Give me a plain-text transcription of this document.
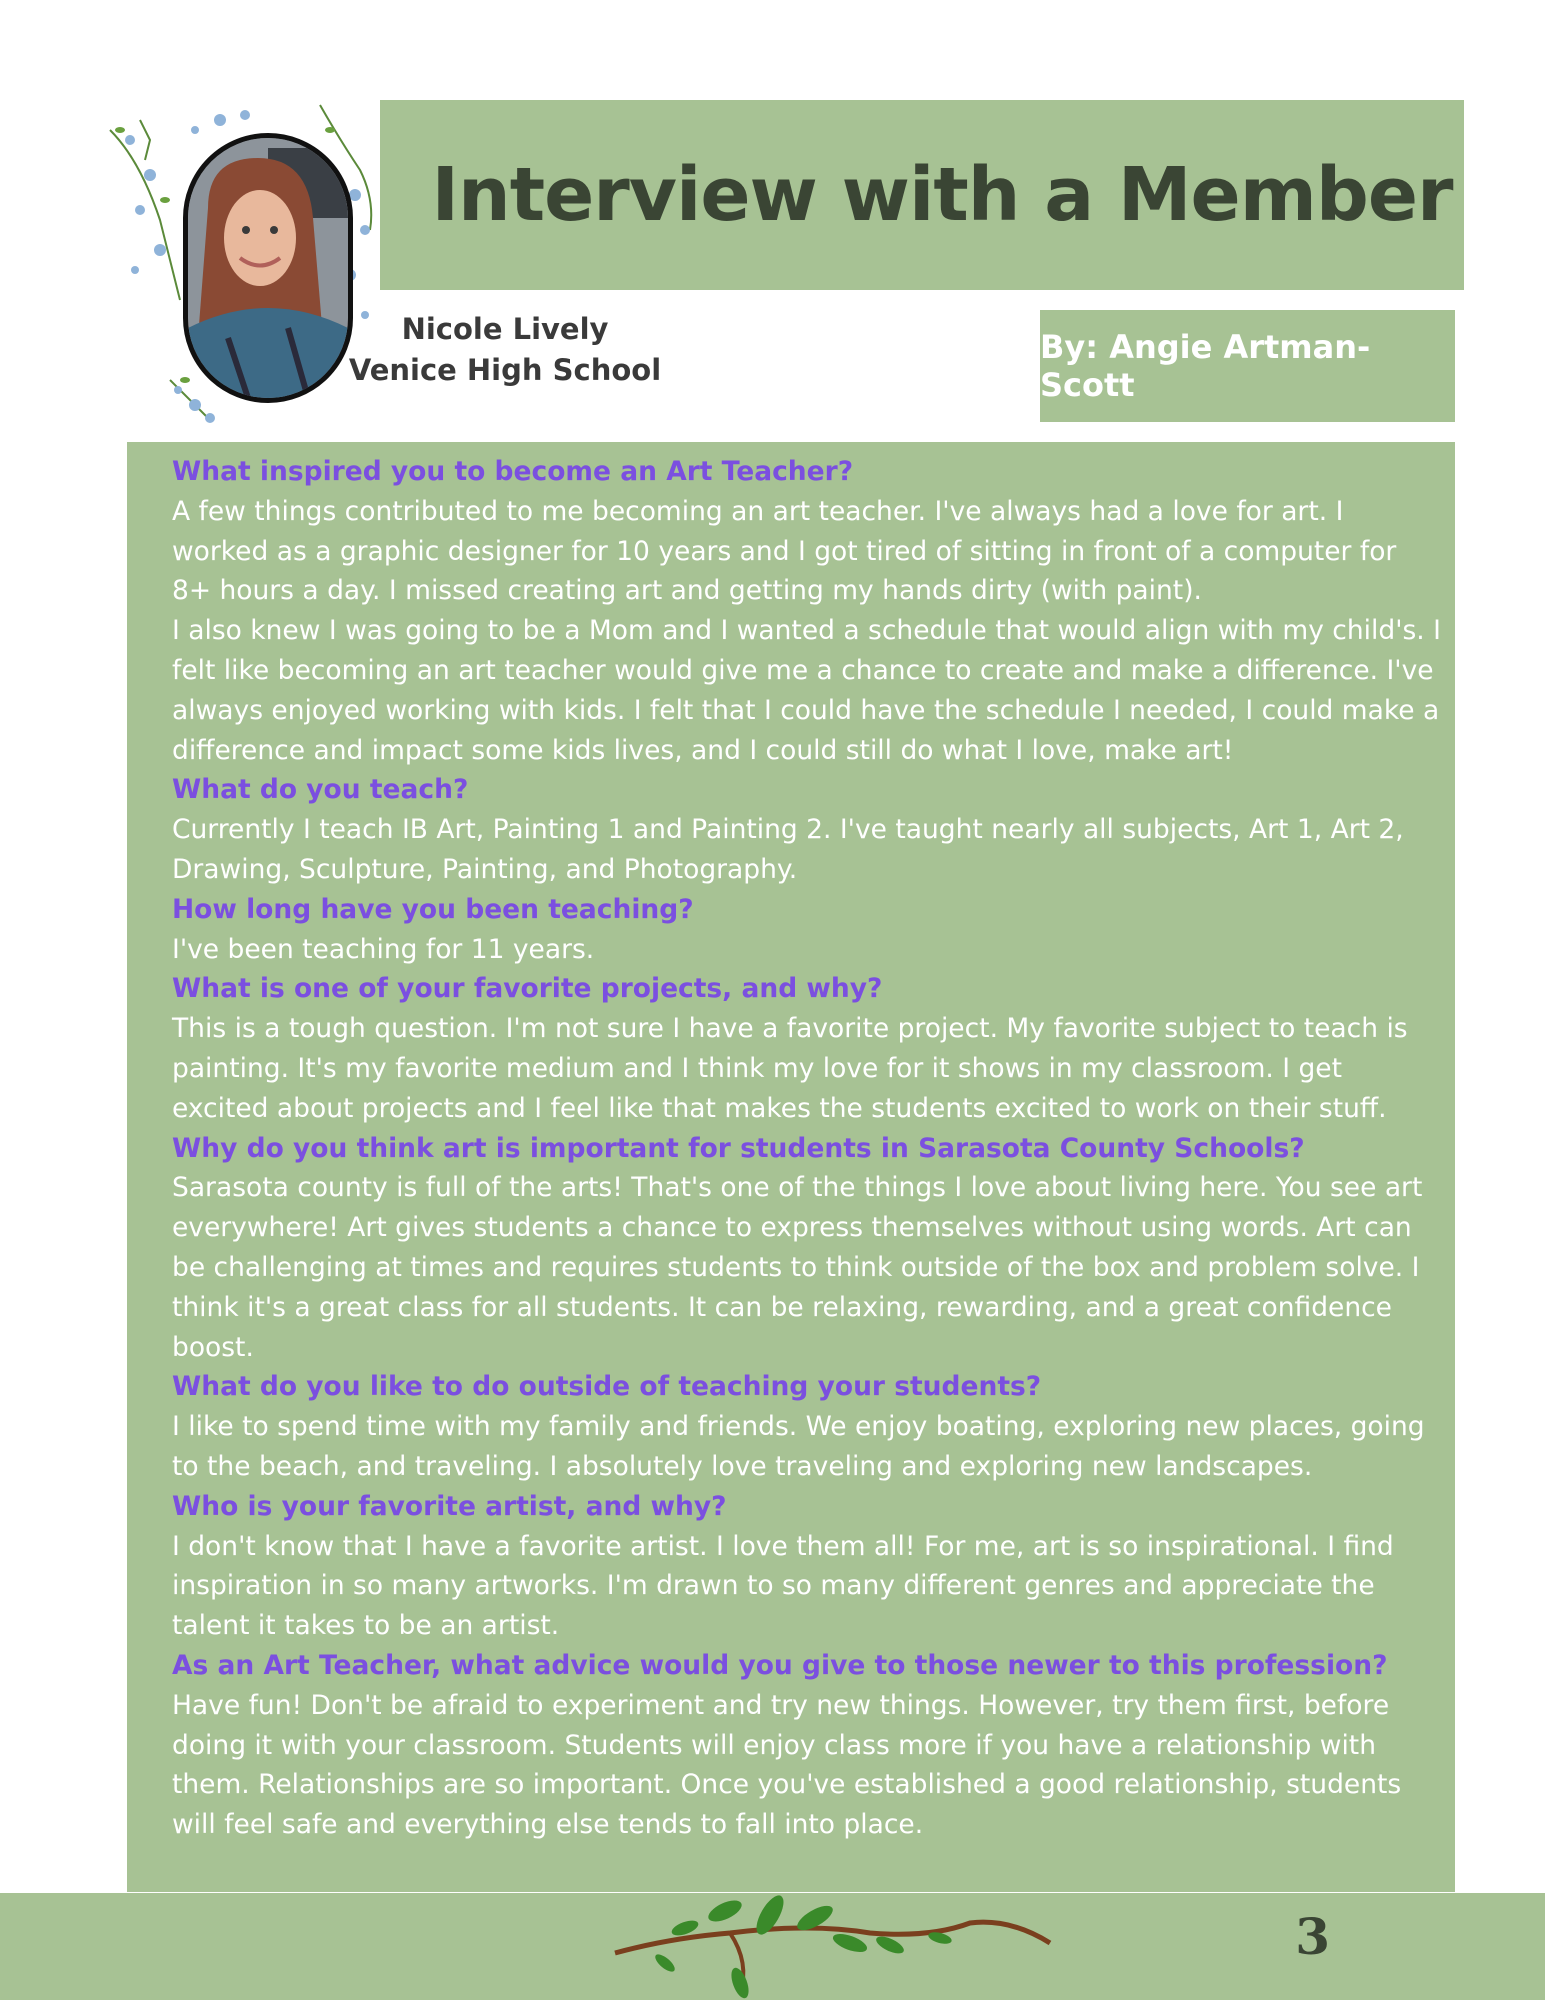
Interview with a Member
Nicole Lively
Venice High School
By: Angie Artman-Scott
What inspired you to become an Art Teacher?
A few things contributed to me becoming an art teacher. I've always had a love for art. I worked as a graphic designer for 10 years and I got tired of sitting in front of a computer for 8+ hours a day. I missed creating art and getting my hands dirty (with paint).
I also knew I was going to be a Mom and I wanted a schedule that would align with my child's. I felt like becoming an art teacher would give me a chance to create and make a difference. I've always enjoyed working with kids. I felt that I could have the schedule I needed, I could make a difference and impact some kids lives, and I could still do what I love, make art!
What do you teach?
Currently I teach IB Art, Painting 1 and Painting 2. I've taught nearly all subjects, Art 1, Art 2, Drawing, Sculpture, Painting, and Photography.
How long have you been teaching?
I've been teaching for 11 years.
What is one of your favorite projects, and why?
This is a tough question. I'm not sure I have a favorite project. My favorite subject to teach is painting. It's my favorite medium and I think my love for it shows in my classroom. I get excited about projects and I feel like that makes the students excited to work on their stuff.
Why do you think art is important for students in Sarasota County Schools?
Sarasota county is full of the arts! That's one of the things I love about living here. You see art everywhere! Art gives students a chance to express themselves without using words. Art can be challenging at times and requires students to think outside of the box and problem solve. I think it's a great class for all students. It can be relaxing, rewarding, and a great confidence boost.
What do you like to do outside of teaching your students?
I like to spend time with my family and friends. We enjoy boating, exploring new places, going to the beach, and traveling. I absolutely love traveling and exploring new landscapes.
Who is your favorite artist, and why?
I don't know that I have a favorite artist. I love them all! For me, art is so inspirational. I find inspiration in so many artworks. I'm drawn to so many different genres and appreciate the talent it takes to be an artist.
As an Art Teacher, what advice would you give to those newer to this profession?
Have fun! Don't be afraid to experiment and try new things. However, try them first, before doing it with your classroom. Students will enjoy class more if you have a relationship with them. Relationships are so important. Once you've established a good relationship, students will feel safe and everything else tends to fall into place.
3
